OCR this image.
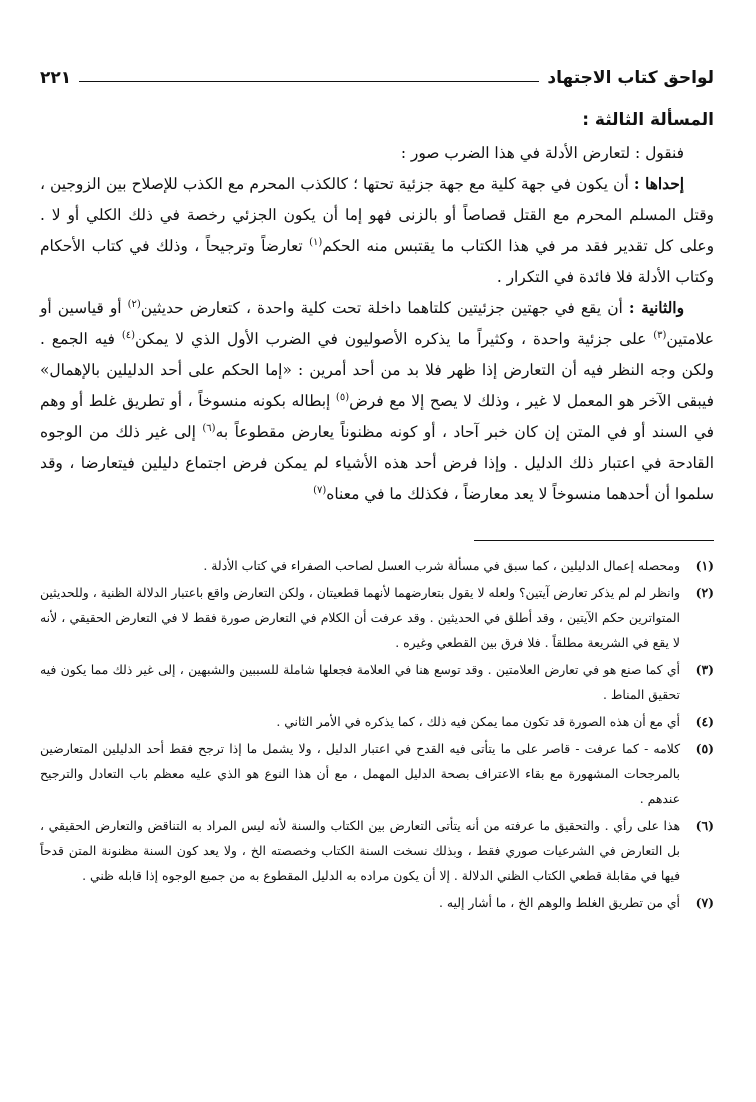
لواحق كتاب الاجتهاد
٢٢١
المسألة الثالثة :

فنقول : لتعارض الأدلة في هذا الضرب صور :

إحداها : أن يكون في جهة كلية مع جهة جزئية تحتها ؛ كالكذب المحرم مع الكذب للإصلاح بين الزوجين ، وقتل المسلم المحرم مع القتل قصاصاً أو بالزنى فهو إما أن يكون الجزئي رخصة في ذلك الكلي أو لا . وعلى كل تقدير فقد مر في هذا الكتاب ما يقتبس منه الحكم$^{(١)}$ تعارضاً وترجيحاً ، وذلك في كتاب الأحكام وكتاب الأدلة فلا فائدة في التكرار .

والثانية : أن يقع في جهتين جزئيتين كلتاهما داخلة تحت كلية واحدة ، كتعارض حديثين$^{(٢)}$ أو قياسين أو علامتين$^{(٣)}$ على جزئية واحدة ، وكثيراً ما يذكره الأصوليون في الضرب الأول الذي لا يمكن$^{(٤)}$ فيه الجمع . ولكن وجه النظر فيه أن التعارض إذا ظهر فلا بد من أحد أمرين : «إما الحكم على أحد الدليلين بالإهمال» فيبقى الآخر هو المعمل لا غير ، وذلك لا يصح إلا مع فرض$^{(٥)}$ إبطاله بكونه منسوخاً ، أو تطريق غلط أو وهم في السند أو في المتن إن كان خبر آحاد ، أو كونه مظنوناً يعارض مقطوعاً به$^{(٦)}$ إلى غير ذلك من الوجوه القادحة في اعتبار ذلك الدليل . وإذا فرض أحد هذه الأشياء لم يمكن فرض اجتماع دليلين فيتعارضا ، وقد سلموا أن أحدهما منسوخاً لا يعد معارضاً ، فكذلك ما في معناه$^{(٧)}$

(١)
ومحصله إعمال الدليلين ، كما سبق في مسألة شرب العسل لصاحب الصفراء في كتاب الأدلة .
(٢)
وانظر لم لم يذكر تعارض آيتين؟ ولعله لا يقول بتعارضهما لأنهما قطعيتان ، ولكن التعارض واقع باعتبار الدلالة الظنية ، وللحديثين المتواترين حكم الآيتين ، وقد أطلق في الحديثين . وقد عرفت أن الكلام في التعارض صورة فقط لا في التعارض الحقيقي ، لأنه لا يقع في الشريعة مطلقاً . فلا فرق بين القطعي وغيره .
(٣)
أي كما صنع هو في تعارض العلامتين . وقد توسع هنا في العلامة فجعلها شاملة للسببين والشبهين ، إلى غير ذلك مما يكون فيه تحقيق المناط .
(٤)
أي مع أن هذه الصورة قد تكون مما يمكن فيه ذلك ، كما يذكره في الأمر الثاني .
(٥)
كلامه - كما عرفت - قاصر على ما يتأتى فيه القدح في اعتبار الدليل ، ولا يشمل ما إذا ترجح فقط أحد الدليلين المتعارضين بالمرجحات المشهورة مع بقاء الاعتراف بصحة الدليل المهمل ، مع أن هذا النوع هو الذي عليه معظم باب التعادل والترجيح عندهم .
(٦)
هذا على رأي . والتحقيق ما عرفته من أنه يتأتى التعارض بين الكتاب والسنة لأنه ليس المراد به التناقض والتعارض الحقيقي ، بل التعارض في الشرعيات صوري فقط ، وبذلك نسخت السنة الكتاب وخصصته الخ ، ولا يعد كون السنة مظنونة المتن قدحاً فيها في مقابلة قطعي الكتاب الظني الدلالة . إلا أن يكون مراده به الدليل المقطوع به من جميع الوجوه إذا قابله ظني .
(٧)
أي من تطريق الغلط والوهم الخ ، ما أشار إليه .
